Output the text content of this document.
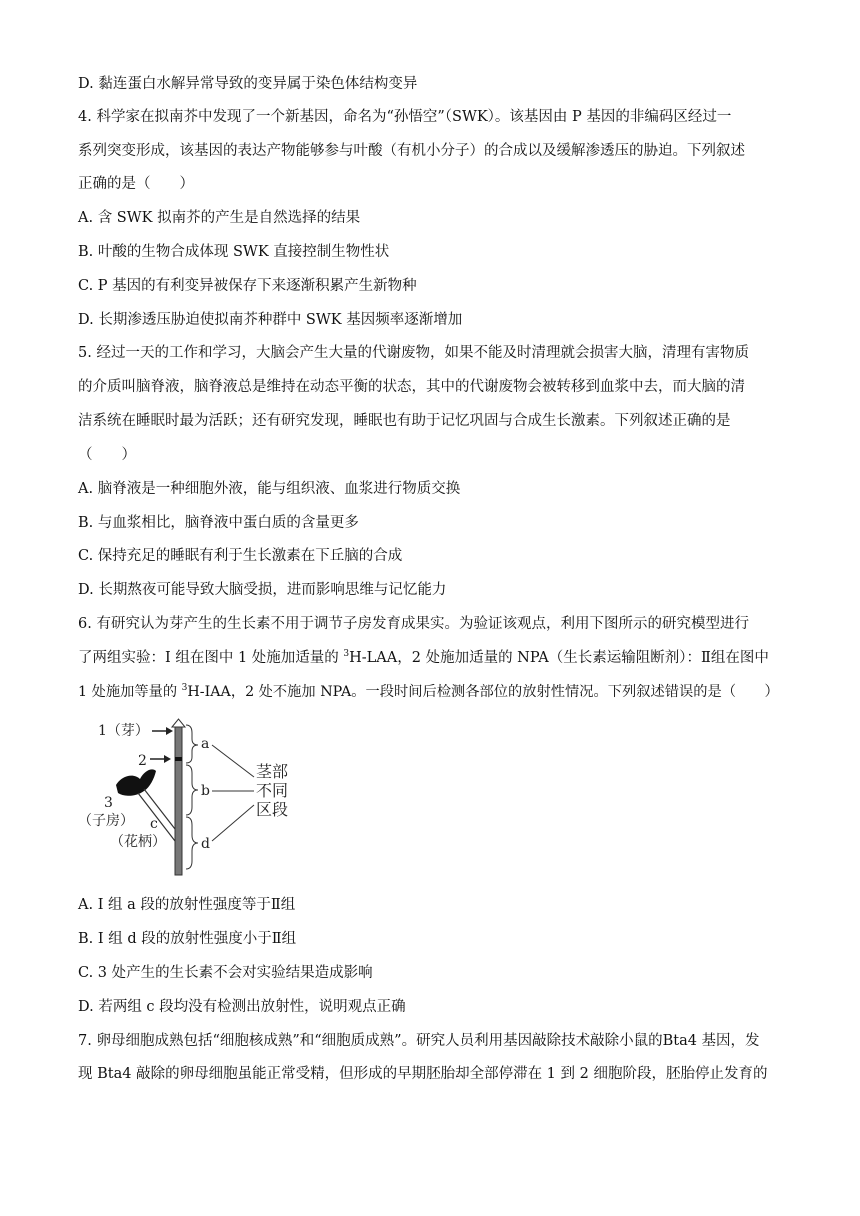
D. 黏连蛋白水解异常导致的变异属于染色体结构变异
4. 科学家在拟南芥中发现了一个新基因，命名为“孙悟空”（SWK）。该基因由 P 基因的非编码区经过一
系列突变形成，该基因的表达产物能够参与叶酸（有机小分子）的合成以及缓解渗透压的胁迫。下列叙述
正确的是（　　）
A. 含 SWK 拟南芥的产生是自然选择的结果
B. 叶酸的生物合成体现 SWK 直接控制生物性状
C. P 基因的有利变异被保存下来逐渐积累产生新物种
D. 长期渗透压胁迫使拟南芥种群中 SWK 基因频率逐渐增加
5. 经过一天的工作和学习，大脑会产生大量的代谢废物，如果不能及时清理就会损害大脑，清理有害物质
的介质叫脑脊液，脑脊液总是维持在动态平衡的状态，其中的代谢废物会被转移到血浆中去，而大脑的清
洁系统在睡眠时最为活跃；还有研究发现，睡眠也有助于记忆巩固与合成生长激素。下列叙述正确的是
（　　）
A. 脑脊液是一种细胞外液，能与组织液、血浆进行物质交换
B. 与血浆相比，脑脊液中蛋白质的含量更多
C. 保持充足的睡眠有利于生长激素在下丘脑的合成
D. 长期熬夜可能导致大脑受损，进而影响思维与记忆能力
6. 有研究认为芽产生的生长素不用于调节子房发育成果实。为验证该观点，利用下图所示的研究模型进行
了两组实验：I 组在图中 1 处施加适量的 $^3$H-LAA，2 处施加适量的 NPA（生长素运输阻断剂）：Ⅱ组在图中
1 处施加等量的 $^3$H-IAA，2 处不施加 NPA。一段时间后检测各部位的放射性情况。下列叙述错误的是（　　）
1（芽）
2
3
（子房） c
（花柄）
a
b
d
茎部
不同
区段
A. I 组 a 段的放射性强度等于Ⅱ组
B. I 组 d 段的放射性强度小于Ⅱ组
C. 3 处产生的生长素不会对实验结果造成影响
D. 若两组 c 段均没有检测出放射性，说明观点正确
7. 卵母细胞成熟包括“细胞核成熟”和“细胞质成熟”。研究人员利用基因敲除技术敲除小鼠的Bta4 基因，发
现 Bta4 敲除的卵母细胞虽能正常受精，但形成的早期胚胎却全部停滞在 1 到 2 细胞阶段，胚胎停止发育的
